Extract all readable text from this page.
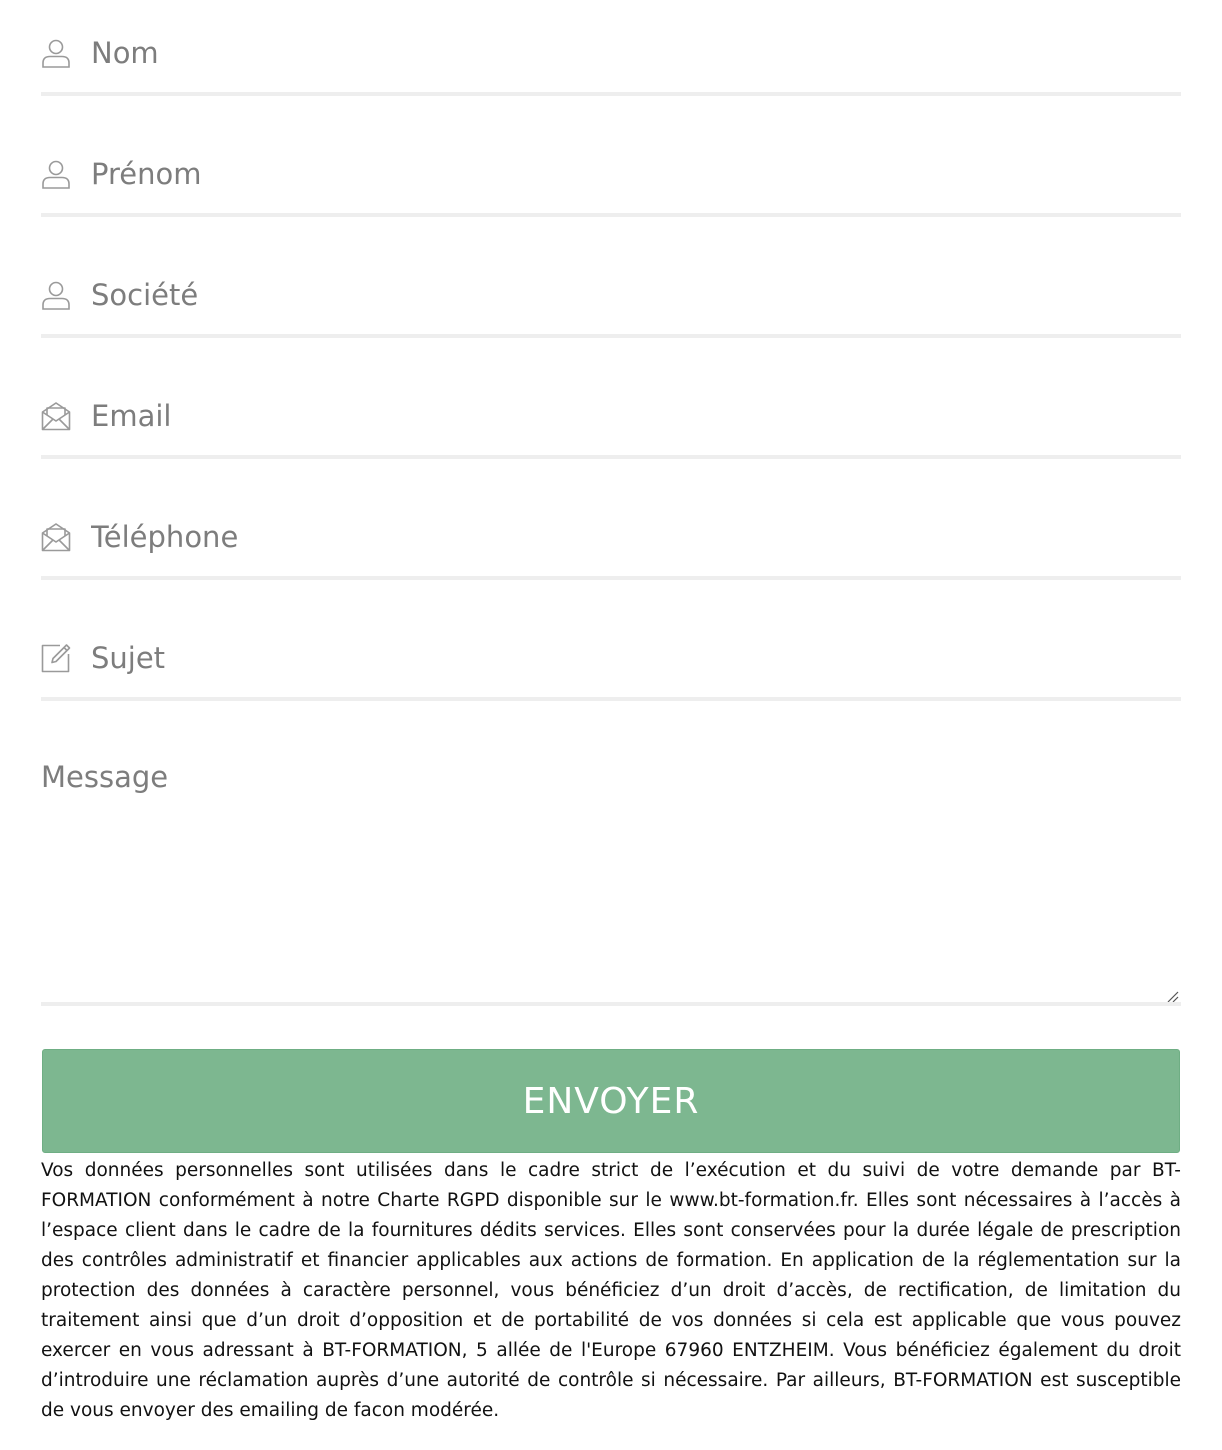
Nom
Prénom
Société
Email
Téléphone
Sujet
Message
ENVOYER

Vos données personnelles sont utilisées dans le cadre strict de l’exécution et du suivi de votre demande par BT-FORMATION conformément à notre Charte RGPD disponible sur le www.bt-formation.fr. Elles sont nécessaires à l’accès à l’espace client dans le cadre de la fournitures dédits services. Elles sont conservées pour la durée légale de prescription des contrôles administratif et financier applicables aux actions de formation. En application de la réglementation sur la protection des données à caractère personnel, vous bénéficiez d’un droit d’accès, de rectification, de limitation du traitement ainsi que d’un droit d’opposition et de portabilité de vos données si cela est applicable que vous pouvez exercer en vous adressant à BT-FORMATION, 5 allée de l'Europe 67960 ENTZHEIM. Vous bénéficiez également du droit d’introduire une réclamation auprès d’une autorité de contrôle si nécessaire. Par ailleurs, BT-FORMATION est susceptible de vous envoyer des emailing de facon modérée.
